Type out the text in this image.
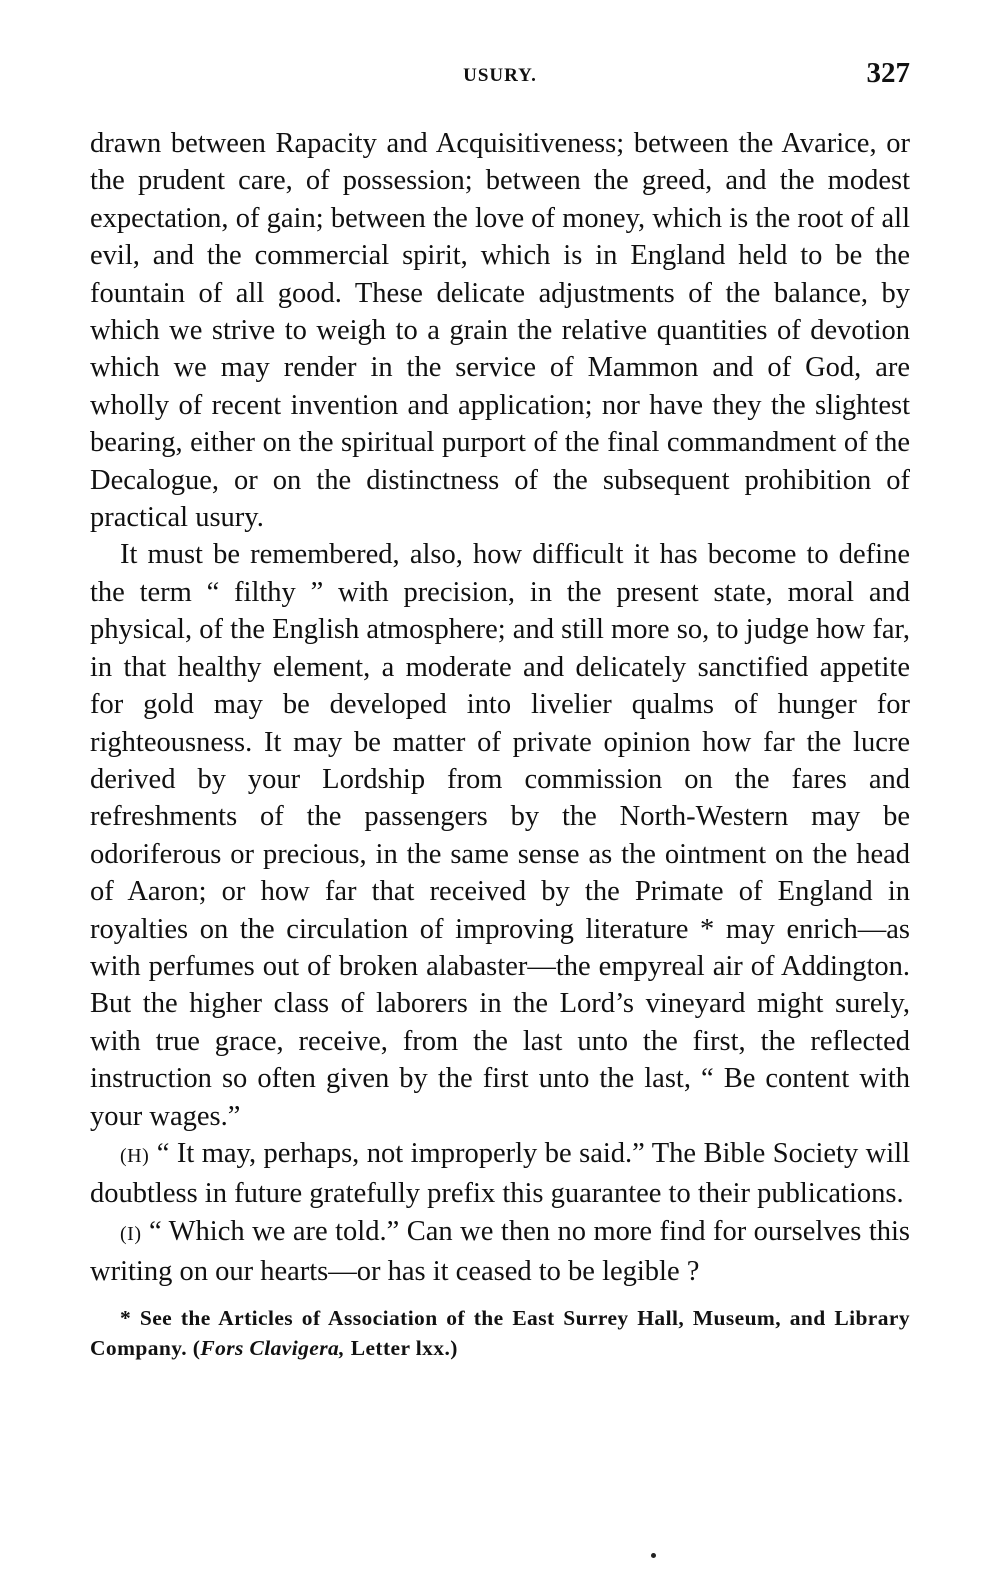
USURY.	327

drawn between Rapacity and Acquisitiveness; between the Avarice, or the prudent care, of possession; between the greed, and the modest expectation, of gain; between the love of money, which is the root of all evil, and the commercial spirit, which is in England held to be the fountain of all good. These delicate adjustments of the balance, by which we strive to weigh to a grain the relative quantities of devotion which we may render in the service of Mammon and of God, are wholly of recent invention and application; nor have they the slightest bearing, either on the spiritual purport of the final commandment of the Decalogue, or on the distinctness of the subsequent prohibition of practical usury.

It must be remembered, also, how difficult it has become to define the term “ filthy ” with precision, in the present state, moral and physical, of the English atmosphere; and still more so, to judge how far, in that healthy element, a moderate and delicately sanctified appetite for gold may be developed into livelier qualms of hunger for righteousness. It may be matter of private opinion how far the lucre derived by your Lordship from commission on the fares and refreshments of the passengers by the North-Western may be odoriferous or precious, in the same sense as the ointment on the head of Aaron; or how far that received by the Primate of England in royalties on the circulation of improving literature * may enrich—as with perfumes out of broken alabaster—the empyreal air of Addington. But the higher class of laborers in the Lord’s vineyard might surely, with true grace, receive, from the last unto the first, the reflected instruction so often given by the first unto the last, “ Be content with your wages.”

(H) “ It may, perhaps, not improperly be said.” The Bible Society will doubtless in future gratefully prefix this guarantee to their publications.

(I) “ Which we are told.” Can we then no more find for ourselves this writing on our hearts—or has it ceased to be legible ?

* See the Articles of Association of the East Surrey Hall, Museum, and Library Company. (Fors Clavigera, Letter lxx.)
